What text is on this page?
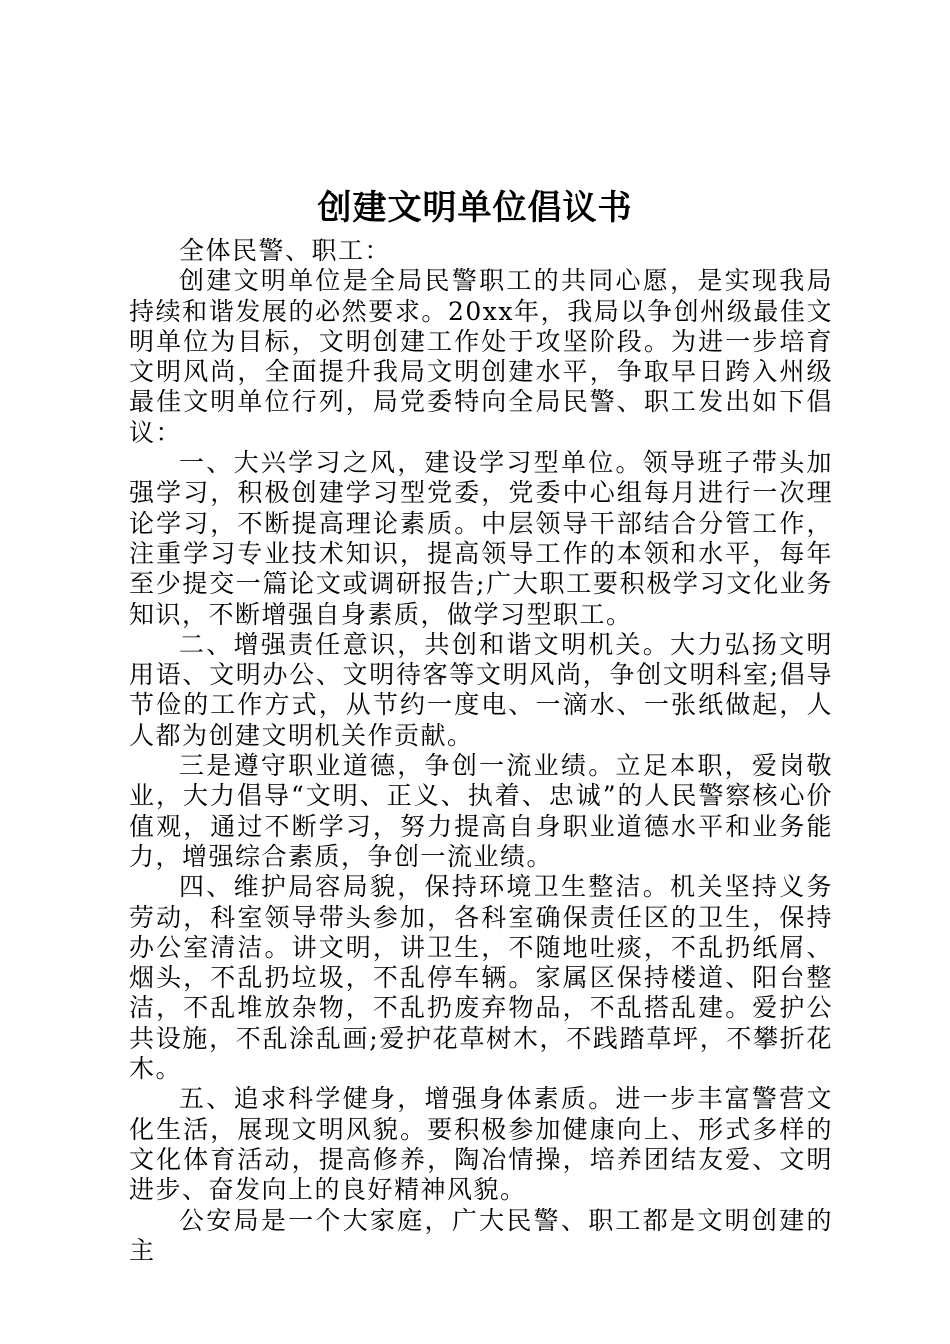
创建文明单位倡议书

全体民警、职工：

创建文明单位是全局民警职工的共同心愿，是实现我局持续和谐发展的必然要求。20xx年，我局以争创州级最佳文明单位为目标，文明创建工作处于攻坚阶段。为进一步培育文明风尚，全面提升我局文明创建水平，争取早日跨入州级最佳文明单位行列，局党委特向全局民警、职工发出如下倡议：

一、大兴学习之风，建设学习型单位。领导班子带头加强学习，积极创建学习型党委，党委中心组每月进行一次理论学习，不断提高理论素质。中层领导干部结合分管工作，注重学习专业技术知识，提高领导工作的本领和水平，每年至少提交一篇论文或调研报告;广大职工要积极学习文化业务知识，不断增强自身素质，做学习型职工。

二、增强责任意识，共创和谐文明机关。大力弘扬文明用语、文明办公、文明待客等文明风尚，争创文明科室;倡导节俭的工作方式，从节约一度电、一滴水、一张纸做起，人人都为创建文明机关作贡献。

三是遵守职业道德，争创一流业绩。立足本职，爱岗敬业，大力倡导“文明、正义、执着、忠诚”的人民警察核心价值观，通过不断学习，努力提高自身职业道德水平和业务能力，增强综合素质，争创一流业绩。

四、维护局容局貌，保持环境卫生整洁。机关坚持义务劳动，科室领导带头参加，各科室确保责任区的卫生，保持办公室清洁。讲文明，讲卫生，不随地吐痰，不乱扔纸屑、烟头，不乱扔垃圾，不乱停车辆。家属区保持楼道、阳台整洁，不乱堆放杂物，不乱扔废弃物品，不乱搭乱建。爱护公共设施，不乱涂乱画;爱护花草树木，不践踏草坪，不攀折花木。

五、追求科学健身，增强身体素质。进一步丰富警营文化生活，展现文明风貌。要积极参加健康向上、形式多样的文化体育活动，提高修养，陶冶情操，培养团结友爱、文明进步、奋发向上的良好精神风貌。

公安局是一个大家庭，广大民警、职工都是文明创建的主
